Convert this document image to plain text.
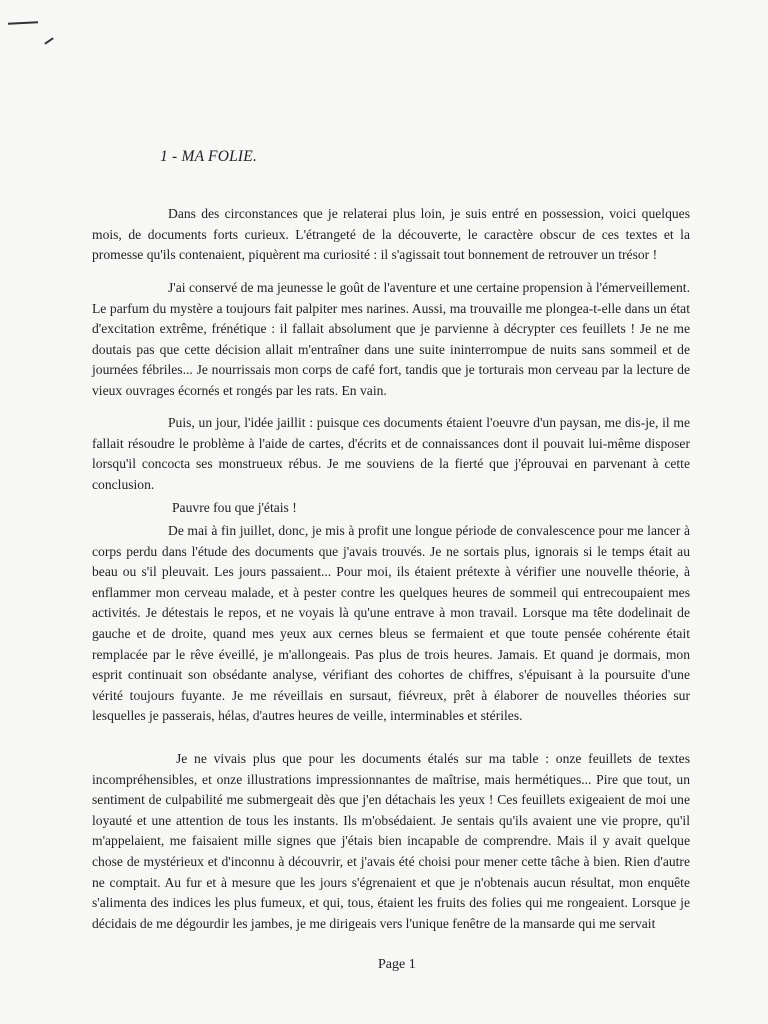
1 - MA FOLIE.

Dans des circonstances que je relaterai plus loin, je suis entré en possession, voici quelques mois, de documents forts curieux. L'étrangeté de la découverte, le caractère obscur de ces textes et la promesse qu'ils contenaient, piquèrent ma curiosité : il s'agissait tout bonnement de retrouver un trésor !

J'ai conservé de ma jeunesse le goût de l'aventure et une certaine propension à l'émerveillement. Le parfum du mystère a toujours fait palpiter mes narines. Aussi, ma trouvaille me plongea-t-elle dans un état d'excitation extrême, frénétique : il fallait absolument que je parvienne à décrypter ces feuillets ! Je ne me doutais pas que cette décision allait m'entraîner dans une suite ininterrompue de nuits sans sommeil et de journées fébriles... Je nourrissais mon corps de café fort, tandis que je torturais mon cerveau par la lecture de vieux ouvrages écornés et rongés par les rats. En vain.

Puis, un jour, l'idée jaillit : puisque ces documents étaient l'oeuvre d'un paysan, me dis-je, il me fallait résoudre le problème à l'aide de cartes, d'écrits et de connaissances dont il pouvait lui-même disposer lorsqu'il concocta ses monstrueux rébus. Je me souviens de la fierté que j'éprouvai en parvenant à cette conclusion.

Pauvre fou que j'étais !

De mai à fin juillet, donc, je mis à profit une longue période de convalescence pour me lancer à corps perdu dans l'étude des documents que j'avais trouvés. Je ne sortais plus, ignorais si le temps était au beau ou s'il pleuvait. Les jours passaient... Pour moi, ils étaient prétexte à vérifier une nouvelle théorie, à enflammer mon cerveau malade, et à pester contre les quelques heures de sommeil qui entrecoupaient mes activités. Je détestais le repos, et ne voyais là qu'une entrave à mon travail. Lorsque ma tête dodelinait de gauche et de droite, quand mes yeux aux cernes bleus se fermaient et que toute pensée cohérente était remplacée par le rêve éveillé, je m'allongeais. Pas plus de trois heures. Jamais. Et quand je dormais, mon esprit continuait son obsédante analyse, vérifiant des cohortes de chiffres, s'épuisant à la poursuite d'une vérité toujours fuyante. Je me réveillais en sursaut, fiévreux, prêt à élaborer de nouvelles théories sur lesquelles je passerais, hélas, d'autres heures de veille, interminables et stériles.

Je ne vivais plus que pour les documents étalés sur ma table : onze feuillets de textes incompréhensibles, et onze illustrations impressionnantes de maîtrise, mais hermétiques... Pire que tout, un sentiment de culpabilité me submergeait dès que j'en détachais les yeux ! Ces feuillets exigeaient de moi une loyauté et une attention de tous les instants. Ils m'obsédaient. Je sentais qu'ils avaient une vie propre, qu'il m'appelaient, me faisaient mille signes que j'étais bien incapable de comprendre. Mais il y avait quelque chose de mystérieux et d'inconnu à découvrir, et j'avais été choisi pour mener cette tâche à bien. Rien d'autre ne comptait. Au fur et à mesure que les jours s'égrenaient et que je n'obtenais aucun résultat, mon enquête s'alimenta des indices les plus fumeux, et qui, tous, étaient les fruits des folies qui me rongeaient. Lorsque je décidais de me dégourdir les jambes, je me dirigeais vers l'unique fenêtre de la mansarde qui me servait

Page 1
